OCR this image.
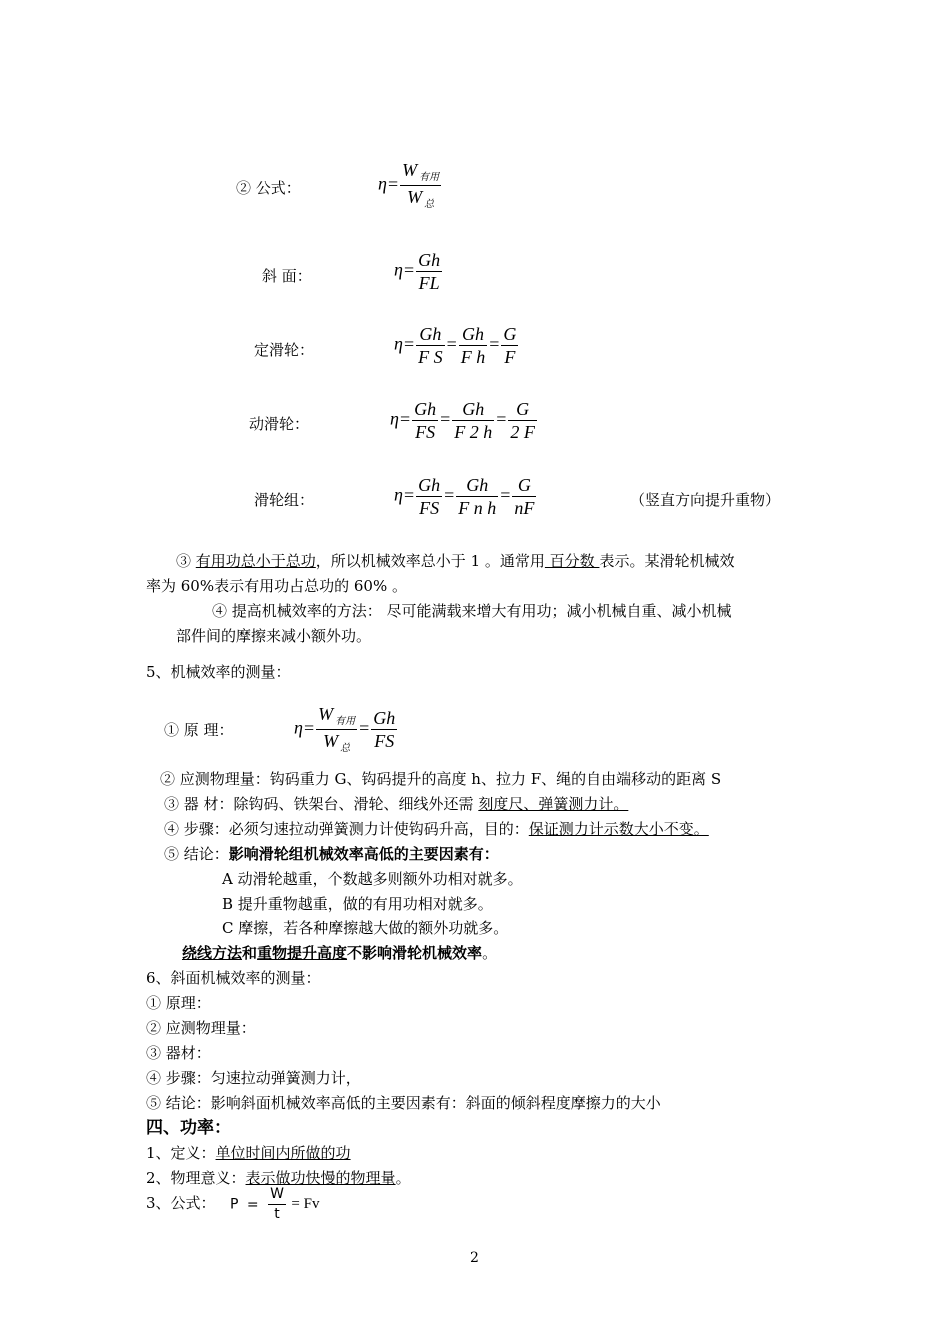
② 公式：	$\eta= \frac{W _{有用}}{W _总}$
斜 面：	$\eta= \frac{Gh}{FL}$
定滑轮：	$\eta= \frac{Gh}{\text{F S}} = \frac{Gh}{\text{F h}} = \frac{G}{F}$
动滑轮：	$\eta= \frac{Gh}{FS} = \frac{Gh}{F 2 h} = \frac{G}{2 F}$
滑轮组：	$\eta= \frac{Gh}{FS} = \frac{Gh}{\text{F n h}} = \frac{G}{nF}$	（竖直方向提升重物）
③ 有用功总小于总功，所以机械效率总小于 1 。通常用 百分数 表示。某滑轮机械效
率为 60%表示有用功占总功的 60% 。
④ 提高机械效率的方法： 尽可能满载来增大有用功；减小机械自重、减小机械
部件间的摩擦来减小额外功。
5、机械效率的测量：
① 原 理：	$\eta= \frac{W _{有用}}{W _总} = \frac{Gh}{FS}$
② 应测物理量：钩码重力 G、钩码提升的高度 h、拉力 F、绳的自由端移动的距离 S
③ 器 材：除钩码、铁架台、滑轮、细线外还需 刻度尺、弹簧测力计。
④ 步骤：必须匀速拉动弹簧测力计使钩码升高，目的：保证测力计示数大小不变。
⑤ 结论：影响滑轮组机械效率高低的主要因素有：
A 动滑轮越重，个数越多则额外功相对就多。
B 提升重物越重，做的有用功相对就多。
C 摩擦，若各种摩擦越大做的额外功就多。
绕线方法和重物提升高度不影响滑轮机械效率。
6、斜面机械效率的测量：
① 原理：
② 应测物理量：
③ 器材：
④ 步骤：匀速拉动弹簧测力计，
⑤ 结论：影响斜面机械效率高低的主要因素有：斜面的倾斜程度摩擦力的大小
四、功率：
1、定义：单位时间内所做的功
2、物理意义：表示做功快慢的物理量。
3、公式： $P = \frac{W}{t} = Fv$
2
